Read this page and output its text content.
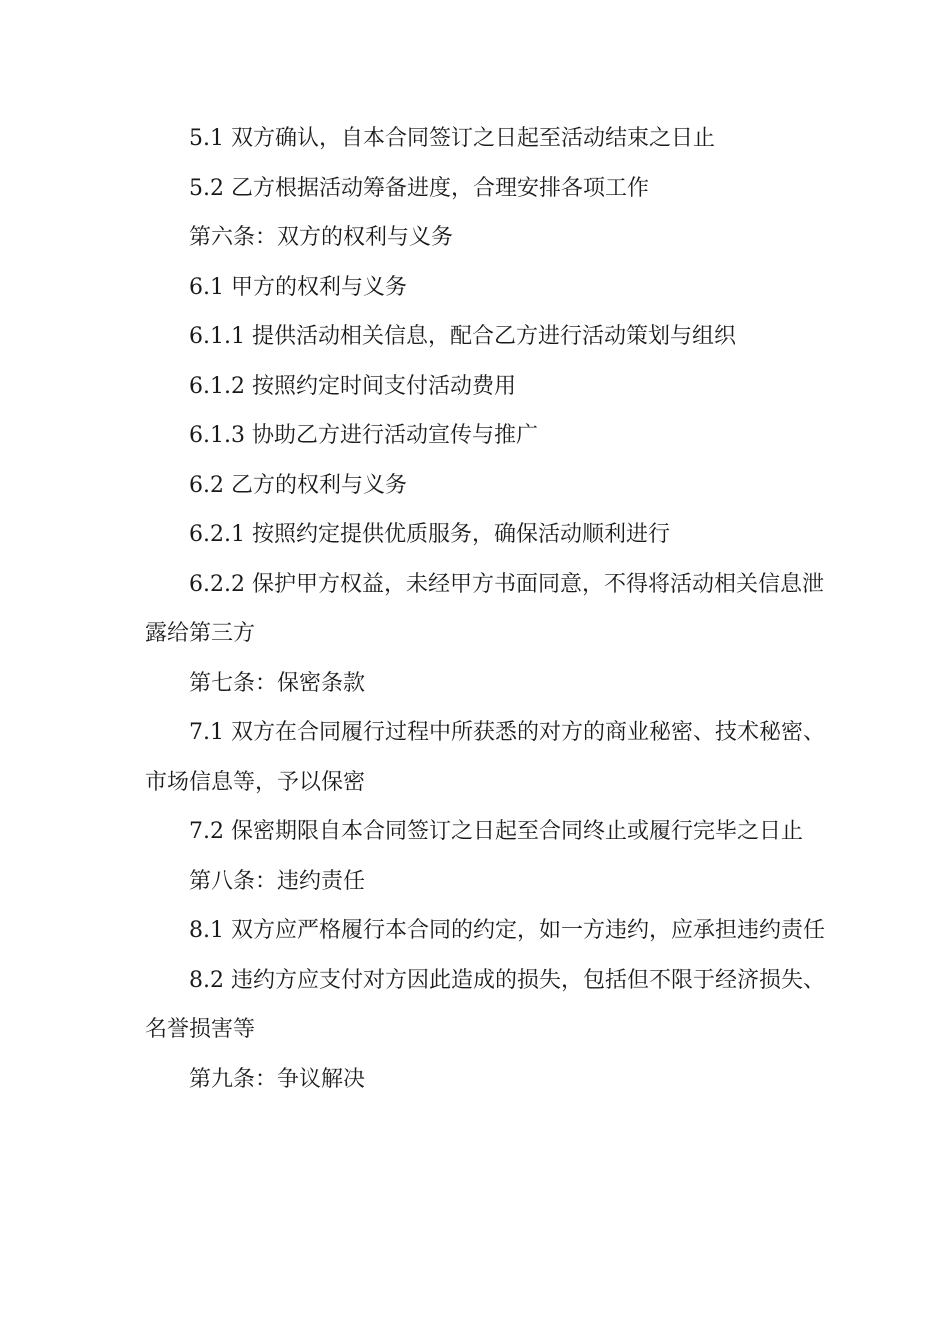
5.1 双方确认，自本合同签订之日起至活动结束之日止

5.2 乙方根据活动筹备进度，合理安排各项工作

第六条：双方的权利与义务

6.1 甲方的权利与义务

6.1.1 提供活动相关信息，配合乙方进行活动策划与组织

6.1.2 按照约定时间支付活动费用

6.1.3 协助乙方进行活动宣传与推广

6.2 乙方的权利与义务

6.2.1 按照约定提供优质服务，确保活动顺利进行

6.2.2 保护甲方权益，未经甲方书面同意，不得将活动相关信息泄露给第三方

第七条：保密条款

7.1 双方在合同履行过程中所获悉的对方的商业秘密、技术秘密、市场信息等，予以保密

7.2 保密期限自本合同签订之日起至合同终止或履行完毕之日止

第八条：违约责任

8.1 双方应严格履行本合同的约定，如一方违约，应承担违约责任

8.2 违约方应支付对方因此造成的损失，包括但不限于经济损失、名誉损害等

第九条：争议解决
